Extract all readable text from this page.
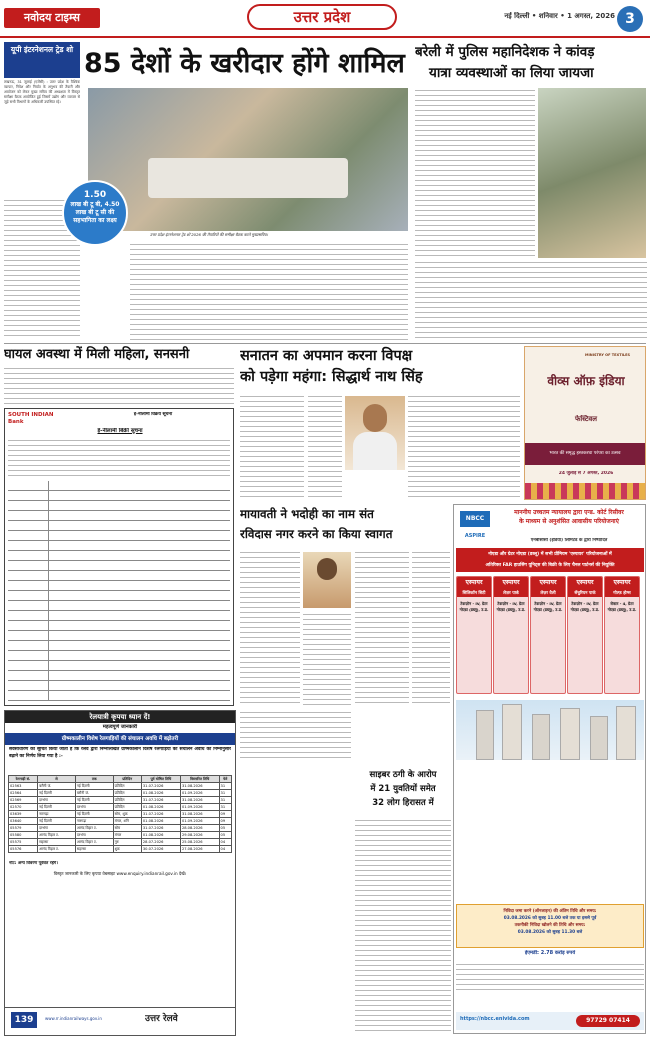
नवोदय टाइम्स	उत्तर प्रदेश	नई दिल्ली • शनिवार • 1 अगस्त, 2026 3
यूपी इंटरनेशनल ट्रेड शो
लखनऊ, 31 जुलाई (एजेंसी) : उत्तर प्रदेश के वैश्विक व्यापार, निवेश और निर्यात के अनुभव की तैयारी और आयोजन को लेकर मुख्य सचिव की अध्यक्षता में विस्तृत समीक्षा बैठक आयोजित हुई जिसमें उद्योग और व्यापार से जुड़े सभी विभागों के अधिकारी उपस्थित रहे।
85 देशों के खरीदार होंगे शामिल
उत्तर प्रदेश इंटरनेशनल ट्रेड शो 2026 की तैयारियों की समीक्षा बैठक करते मुख्यसचिव।
1.50
लाख बी टू बी, 4.50
लाख बी टू सी की
सहभागिता का लक्ष्य
बरेली में पुलिस महानिदेशक ने कांवड़
यात्रा व्यवस्थाओं का लिया जायजा
घायल अवस्था में मिली महिला, सनसनी
SOUTH INDIAN Bank
ई-नीलामी विक्रय सूचना
ई-नीलामी बिक्री सूचना
सनातन का अपमान करना विपक्ष
को पड़ेगा महंगा: सिद्धार्थ नाथ सिंह
MINISTRY OF TEXTILES
वीव्स ऑफ़ इंडिया
फेस्टिवल
भारत की समृद्ध हस्तकरघा परंपरा का उत्सव
24 जुलाई से 7 अगस्त, 2026
मायावती ने भदोही का नाम संत
रविदास नगर करने का किया स्वागत
NBCC
ASPIRE
माननीय उच्चतम न्यायालय द्वारा एन्ड. कोर्ट रिसीवर
के माध्यम से अनुशंसित आवासीय परियोजनाएं
एनबीसीसी (इंडिया) लिमिटेड के द्वारा निष्पादित
नोएडा और ग्रेटर नोएडा (डब्लू) में सभी प्रीमियम 'एस्पायर' परियोजनाओं में
अतिरिक्त FAR हाउसिंग यूनिट्स की बिक्री के लिए चैनल पार्टनर्स की नियुक्ति
एस्पायर
सिलिकॉन सिटी
टेकज़ोन - IV, ग्रेटर नोएडा (डब्लू), उ.प्र.
एस्पायर
लेज़र पार्क
टेकज़ोन - IV, ग्रेटर नोएडा (डब्लू), उ.प्र.
एस्पायर
लेज़र वैली
टेकज़ोन - IV, ग्रेटर नोएडा (डब्लू), उ.प्र.
एस्पायर
सेंचुरियन पार्क
टेकज़ोन - IV, ग्रेटर नोएडा (डब्लू), उ.प्र.
एस्पायर
गोल्फ़ होम्स
सेक्टर - 4, ग्रेटर नोएडा (डब्लू), उ.प्र.
निविदा जमा करने (ऑनलाइन) की अंतिम तिथि और समय:
03.08.2026 को सुबह 11.00 बजे तक या इससे पूर्व
तकनीकी निविदा खोलने की तिथि और समय:
03.08.2026 को सुबह 11.30 बजे
ईएमडी: 2.78 करोड़ रुपये
https://nbcc.enivida.com	97729 07414
साइबर ठगी के आरोप
में 21 युवतियों समेत
32 लोग हिरासत में
रेलयात्री कृपया ध्यान दें!
महत्वपूर्ण जानकारी
ग्रीष्मकालीन विशेष रेलगाड़ियों की संचालन अवधि में बढ़ोतरी
सर्वसाधारण को सूचित किया जाता है कि रेलवे द्वारा निम्नलिखित ग्रीष्मकालीन विशेष रेलगाड़ियों की संचालन अवधि को निम्नानुसार बढ़ाने का निर्णय लिया गया है :-
रेलगाड़ी सं.	से	तक	प्रतिदिन	पूर्व घोषित तिथि	विस्तारित तिथि	फेरे
02563	बरौनी जं.	नई दिल्ली	प्रतिदिन	31.07.2026	31.08.2026	31
02564	नई दिल्ली	बरौनी जं.	प्रतिदिन	01.08.2026	01.09.2026	31
02569	दरभंगा	नई दिल्ली	प्रतिदिन	31.07.2026	31.08.2026	31
02570	नई दिल्ली	दरभंगा	प्रतिदिन	01.08.2026	01.09.2026	31
03639	नारगढ़ा	नई दिल्ली	सोम, शुक्र	31.07.2026	31.08.2026	09
03640	नई दिल्ली	नारगढ़ा	मंगल, शनि	01.08.2026	01.09.2026	09
05579	दरभंगा	आनंद विहार ट.	सोम	31.07.2026	28.08.2026	05
05580	आनंद विहार ट.	दरभंगा	मंगल	01.08.2026	29.08.2026	05
05575	सहरसा	आनंद विहार ट.	गुरु	28.07.2026	25.08.2026	04
05576	आनंद विहार ट.	सहरसा	शुक्र	30.07.2026	27.08.2026	04
नोट: अन्य विवरण पूर्ववत रहेंगे।
विस्तृत जानकारी के लिए कृपया वेबसाइट www.enquiry.indianrail.gov.in देखें।
139	उत्तर रेलवे
www.rr.indianrailways.gov.in
